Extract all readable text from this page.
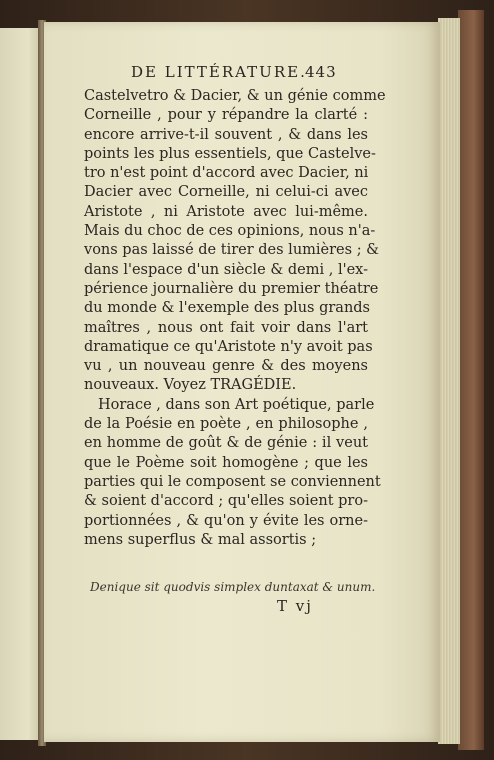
DE LITTÉRATURE.
443
Castelvetro & Dacier, & un génie comme
Corneille , pour y répandre la clarté :
encore arrive-t-il souvent , & dans les
points les plus essentiels, que Castelve-
tro n'est point d'accord avec Dacier, ni
Dacier avec Corneille, ni celui-ci avec
Aristote , ni Aristote avec lui-même.
Mais du choc de ces opinions, nous n'a-
vons pas laissé de tirer des lumières ; &
dans l'espace d'un siècle & demi , l'ex-
périence journalière du premier théatre
du monde & l'exemple des plus grands
maîtres , nous ont fait voir dans l'art
dramatique ce qu'Aristote n'y avoit pas
vu , un nouveau genre & des moyens
nouveaux. Voyez TRAGÉDIE.
Horace , dans son Art poétique, parle
de la Poésie en poète , en philosophe ,
en homme de goût & de génie : il veut
que le Poème soit homogène ; que les
parties qui le composent se conviennent
& soient d'accord ; qu'elles soient pro-
portionnées , & qu'on y évite les orne-
mens superflus & mal assortis ;
Denique sit quodvis simplex duntaxat & unum.
T vj
